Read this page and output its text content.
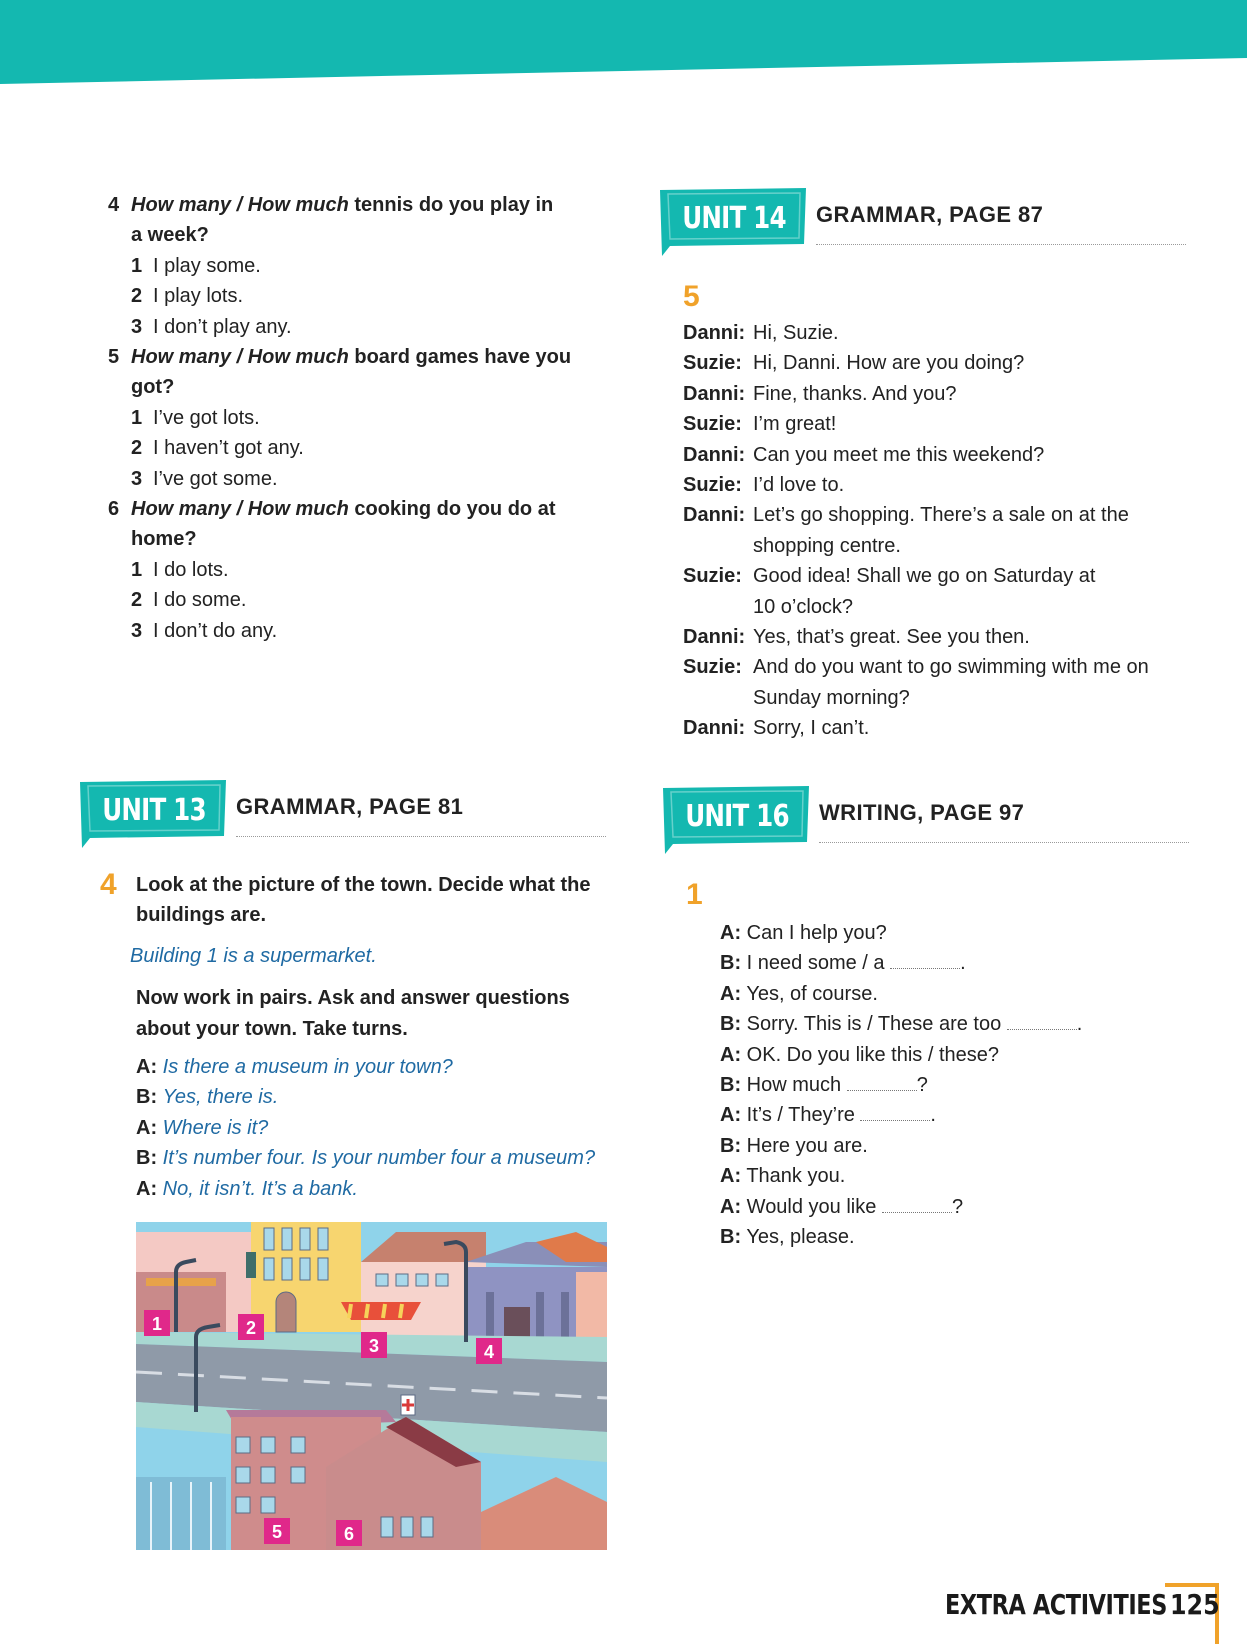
4 How many / How much tennis do you play in
a week?
1 I play some.
2 I play lots.
3 I don’t play any.
5 How many / How much board games have you
got?
1 I’ve got lots.
2 I haven’t got any.
3 I’ve got some.
6 How many / How much cooking do you do at
home?
1 I do lots.
2 I do some.
3 I don’t do any.
UNIT 14 GRAMMAR, PAGE 87
5
Danni: Hi, Suzie.
Suzie: Hi, Danni. How are you doing?
Danni: Fine, thanks. And you?
Suzie: I’m great!
Danni: Can you meet me this weekend?
Suzie: I’d love to.
Danni: Let’s go shopping. There’s a sale on at the shopping centre.
Suzie: Good idea! Shall we go on Saturday at 10 o’clock?
Danni: Yes, that’s great. See you then.
Suzie: And do you want to go swimming with me on Sunday morning?
Danni: Sorry, I can’t.
UNIT 13 GRAMMAR, PAGE 81
4 Look at the picture of the town. Decide what the buildings are.
Building 1 is a supermarket.
Now work in pairs. Ask and answer questions about your town. Take turns.
A: Is there a museum in your town?
B: Yes, there is.
A: Where is it?
B: It’s number four. Is your number four a museum?
A: No, it isn’t. It’s a bank.
1	2
3	4
5	6
UNIT 16 WRITING, PAGE 97
1
A: Can I help you?
B: I need some / a	.
A: Yes, of course.
B: Sorry. This is / These are too	.
A: OK. Do you like this / these?
B: How much	?
A: It’s / They’re	.
B: Here you are.
A: Thank you.
A: Would you like	?
B: Yes, please.
EXTRA ACTIVITIES 125
